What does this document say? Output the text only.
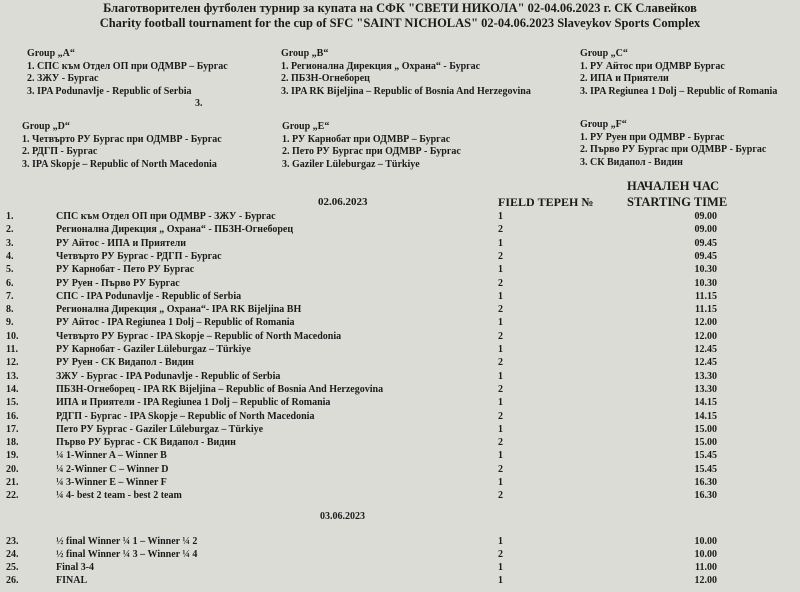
Благотворителен футболен турнир за купата на СФК "СВЕТИ НИКОЛА" 02-04.06.2023 г. СК Славейков
Charity football tournament for the cup of SFC "SAINT NICHOLAS" 02-04.06.2023 Slaveykov Sports Complex
Group „A“
1. СПС към Отдел ОП при ОДМВР – Бургас
2. ЗЖУ - Бургас
3. IPA Podunavlje - Republic of Serbia
3.
Group „B“
1. Регионална Дирекция „ Охрана“ - Бургас
2. ПБЗН-Огнеборец
3. IPA RK Bijeljina – Republic of Bosnia And Herzegovina
Group „C“
1. РУ Айтос при ОДМВР Бургас
2. ИПА и Приятели
3. IPA Regiunea 1 Dolj – Republic of Romania
Group „D“
1. Четвърто РУ Бургас при ОДМВР - Бургас
2. РДГП - Бургас
3. IPA Skopje – Republic of North Macedonia
Group „E“
1. РУ Карнобат при ОДМВР – Бургас
2. Пето РУ Бургас при ОДМВР - Бургас
3. Gaziler Lüleburgaz – Türkiye
Group „F“
1. РУ Руен при ОДМВР - Бургас
2. Първо РУ Бургас при ОДМВР - Бургас
3. СК Видапол - Видин
02.06.2023	FIELD ТЕРЕН №
НАЧАЛЕН ЧАС
STARTING TIME
1.	СПС към Отдел ОП при ОДМВР - ЗЖУ - Бургас	1	09.00
2.	Регионална Дирекция „ Охрана“ - ПБЗН-Огнеборец	2	09.00
3.	РУ Айтос - ИПА и Приятели	1	09.45
4.	Четвърто РУ Бургас - РДГП - Бургас	2	09.45
5.	РУ Карнобат - Пето РУ Бургас	1	10.30
6.	РУ Руен - Първо РУ Бургас	2	10.30
7.	СПС - IPA Podunavlje - Republic of Serbia	1	11.15
8.	Регионална Дирекция „ Охрана“- IPA RK Bijeljina BH	2	11.15
9.	РУ Айтос - IPA Regiunea 1 Dolj – Republic of Romania	1	12.00
10.	Четвърто РУ Бургас - IPA Skopje – Republic of North Macedonia	2	12.00
11.	РУ Карнобат - Gaziler Lüleburgaz – Türkiye	1	12.45
12.	РУ Руен - СК Видапол - Видин	2	12.45
13.	ЗЖУ - Бургас - IPA Podunavlje - Republic of Serbia	1	13.30
14.	ПБЗН-Огнеборец - IPA RK Bijeljina – Republic of Bosnia And Herzegovina	2	13.30
15.	ИПА и Приятели - IPA Regiunea 1 Dolj – Republic of Romania	1	14.15
16.	РДГП - Бургас - IPA Skopje – Republic of North Macedonia	2	14.15
17.	Пето РУ Бургас - Gaziler Lüleburgaz – Türkiye	1	15.00
18.	Първо РУ Бургас - СК Видапол - Видин	2	15.00
19.	¼ 1-Winner A – Winner B	1	15.45
20.	¼ 2-Winner C – Winner D	2	15.45
21.	¼ 3-Winner E – Winner F	1	16.30
22.	¼ 4- best 2 team - best 2 team	2	16.30
03.06.2023
23.	½ final Winner ¼ 1 – Winner ¼ 2	1	10.00
24.	½ final Winner ¼ 3 – Winner ¼ 4	2	10.00
25.	Final 3-4	1	11.00
26.	FINAL	1	12.00
